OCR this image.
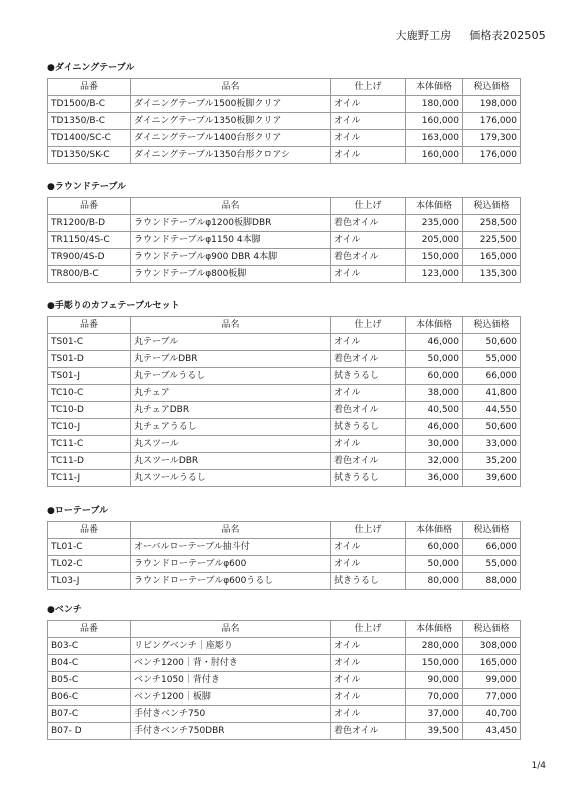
大鹿野工房 価格表202505
●ダイニングテーブル
品番	品名	仕上げ	本体価格	税込価格
TD1500/B-C	ダイニングテーブル1500板脚クリア	オイル	180,000	198,000
TD1350/B-C	ダイニングテーブル1350板脚クリア	オイル	160,000	176,000
TD1400/SC-C	ダイニングテーブル1400台形クリア	オイル	163,000	179,300
TD1350/SK-C	ダイニングテーブル1350台形クロアシ	オイル	160,000	176,000
●ラウンドテーブル
品番	品名	仕上げ	本体価格	税込価格
TR1200/B-D	ラウンドテーブルφ1200板脚DBR	着色オイル	235,000	258,500
TR1150/4S-C	ラウンドテーブルφ1150 4本脚	オイル	205,000	225,500
TR900/4S-D	ラウンドテーブルφ900 DBR 4本脚	着色オイル	150,000	165,000
TR800/B-C	ラウンドテーブルφ800板脚	オイル	123,000	135,300
●手彫りのカフェテーブルセット
品番	品名	仕上げ	本体価格	税込価格
TS01-C	丸テーブル	オイル	46,000	50,600
TS01-D	丸テーブルDBR	着色オイル	50,000	55,000
TS01-J	丸テーブルうるし	拭きうるし	60,000	66,000
TC10-C	丸チェア	オイル	38,000	41,800
TC10-D	丸チェアDBR	着色オイル	40,500	44,550
TC10-J	丸チェアうるし	拭きうるし	46,000	50,600
TC11-C	丸スツール	オイル	30,000	33,000
TC11-D	丸スツールDBR	着色オイル	32,000	35,200
TC11-J	丸スツールうるし	拭きうるし	36,000	39,600
●ローテーブル
品番	品名	仕上げ	本体価格	税込価格
TL01-C	オーバルローテーブル抽斗付	オイル	60,000	66,000
TL02-C	ラウンドローテーブルφ600	オイル	50,000	55,000
TL03-J	ラウンドローテーブルφ600うるし	拭きうるし	80,000	88,000
●ベンチ
品番	品名	仕上げ	本体価格	税込価格
B03-C	リビングベンチ｜座彫り	オイル	280,000	308,000
B04-C	ベンチ1200｜背・肘付き	オイル	150,000	165,000
B05-C	ベンチ1050｜背付き	オイル	90,000	99,000
B06-C	ベンチ1200｜板脚	オイル	70,000	77,000
B07-C	手付きベンチ750	オイル	37,000	40,700
B07- D	手付きベンチ750DBR	着色オイル	39,500	43,450
1/4
